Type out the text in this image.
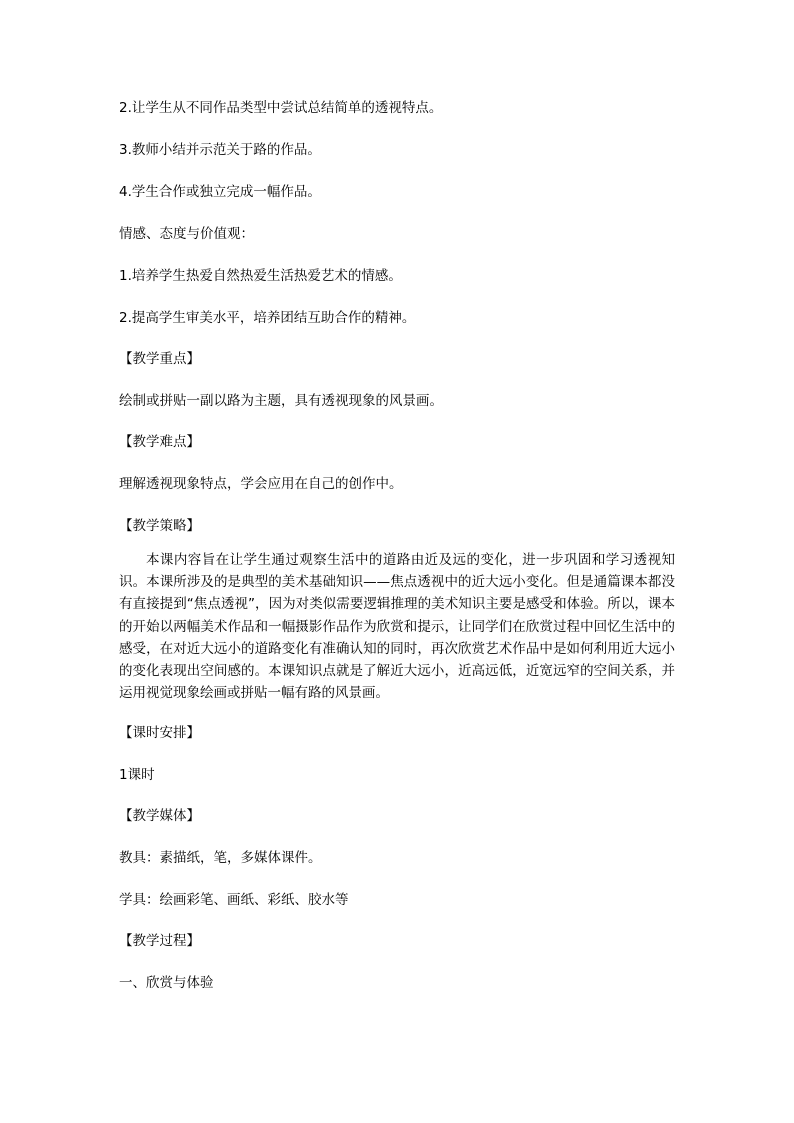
2.让学生从不同作品类型中尝试总结简单的透视特点。
3.教师小结并示范关于路的作品。
4.学生合作或独立完成一幅作品。
情感、态度与价值观：
1.培养学生热爱自然热爱生活热爱艺术的情感。
2.提高学生审美水平，培养团结互助合作的精神。
【教学重点】
绘制或拼贴一副以路为主题，具有透视现象的风景画。
【教学难点】
理解透视现象特点，学会应用在自己的创作中。
【教学策略】
本课内容旨在让学生通过观察生活中的道路由近及远的变化，进一步巩固和学习透视知识。本课所涉及的是典型的美术基础知识——焦点透视中的近大远小变化。但是通篇课本都没有直接提到“焦点透视”，因为对类似需要逻辑推理的美术知识主要是感受和体验。所以，课本的开始以两幅美术作品和一幅摄影作品作为欣赏和提示，让同学们在欣赏过程中回忆生活中的感受，在对近大远小的道路变化有准确认知的同时，再次欣赏艺术作品中是如何利用近大远小的变化表现出空间感的。本课知识点就是了解近大远小，近高远低，近宽远窄的空间关系，并运用视觉现象绘画或拼贴一幅有路的风景画。
【课时安排】
1课时
【教学媒体】
教具：素描纸，笔，多媒体课件。
学具：绘画彩笔、画纸、彩纸、胶水等
【教学过程】
一、欣赏与体验
